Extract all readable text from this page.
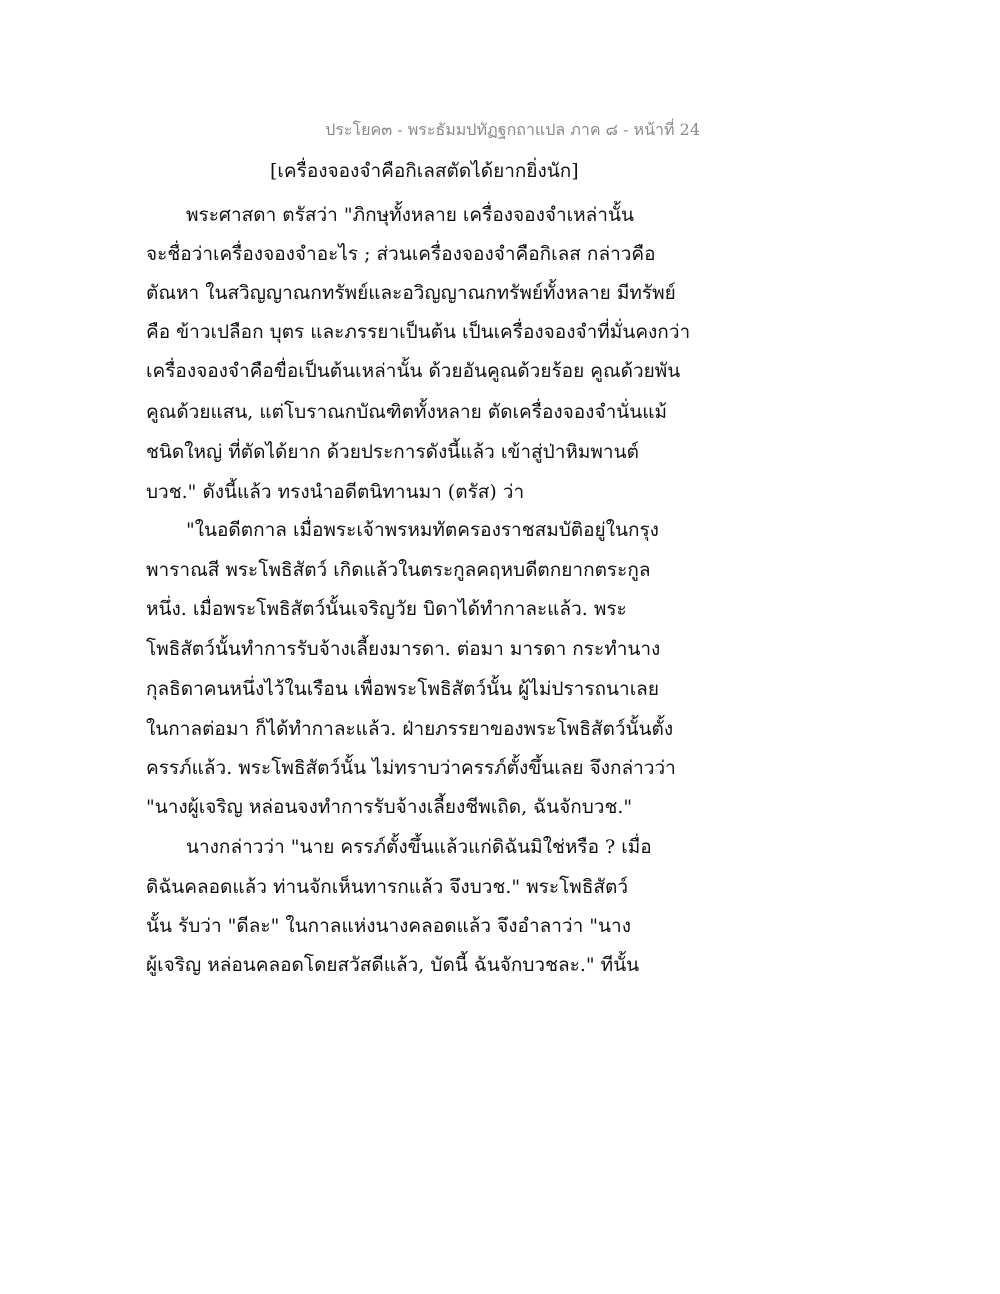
ประโยค๓ - พระธัมมปทัฏฐกถาแปล ภาค ๘ - หน้าที่ 24
[เครื่องจองจำคือกิเลสตัดได้ยากยิ่งนัก]
พระศาสดา ตรัสว่า "ภิกษุทั้งหลาย เครื่องจองจำเหล่านั้น
จะชื่อว่าเครื่องจองจำอะไร ; ส่วนเครื่องจองจำคือกิเลส กล่าวคือ
ตัณหา ในสวิญญาณกทรัพย์และอวิญญาณกทรัพย์ทั้งหลาย มีทรัพย์
คือ ข้าวเปลือก บุตร และภรรยาเป็นต้น เป็นเครื่องจองจำที่มั่นคงกว่า
เครื่องจองจำคือขื่อเป็นต้นเหล่านั้น ด้วยอันคูณด้วยร้อย คูณด้วยพัน
คูณด้วยแสน, แต่โบราณกบัณฑิตทั้งหลาย ตัดเครื่องจองจำนั่นแม้
ชนิดใหญ่ ที่ตัดได้ยาก ด้วยประการดังนี้แล้ว เข้าสู่ป่าหิมพานต์
บวช." ดังนี้แล้ว ทรงนำอดีตนิทานมา (ตรัส) ว่า
"ในอดีตกาล เมื่อพระเจ้าพรหมทัตครองราชสมบัติอยู่ในกรุง
พาราณสี พระโพธิสัตว์ เกิดแล้วในตระกูลคฤหบดีตกยากตระกูล
หนึ่ง. เมื่อพระโพธิสัตว์นั้นเจริญวัย บิดาได้ทำกาละแล้ว. พระ
โพธิสัตว์นั้นทำการรับจ้างเลี้ยงมารดา. ต่อมา มารดา กระทำนาง
กุลธิดาคนหนึ่งไว้ในเรือน เพื่อพระโพธิสัตว์นั้น ผู้ไม่ปรารถนาเลย
ในกาลต่อมา ก็ได้ทำกาละแล้ว. ฝ่ายภรรยาของพระโพธิสัตว์นั้นตั้ง
ครรภ์แล้ว. พระโพธิสัตว์นั้น ไม่ทราบว่าครรภ์ตั้งขึ้นเลย จึงกล่าวว่า
"นางผู้เจริญ หล่อนจงทำการรับจ้างเลี้ยงชีพเถิด, ฉันจักบวช."
นางกล่าวว่า "นาย ครรภ์ตั้งขึ้นแล้วแก่ดิฉันมิใช่หรือ ? เมื่อ
ดิฉันคลอดแล้ว ท่านจักเห็นทารกแล้ว จึงบวช." พระโพธิสัตว์
นั้น รับว่า "ดีละ" ในกาลแห่งนางคลอดแล้ว จึงอำลาว่า "นาง
ผู้เจริญ หล่อนคลอดโดยสวัสดีแล้ว, บัดนี้ ฉันจักบวชละ." ทีนั้น
